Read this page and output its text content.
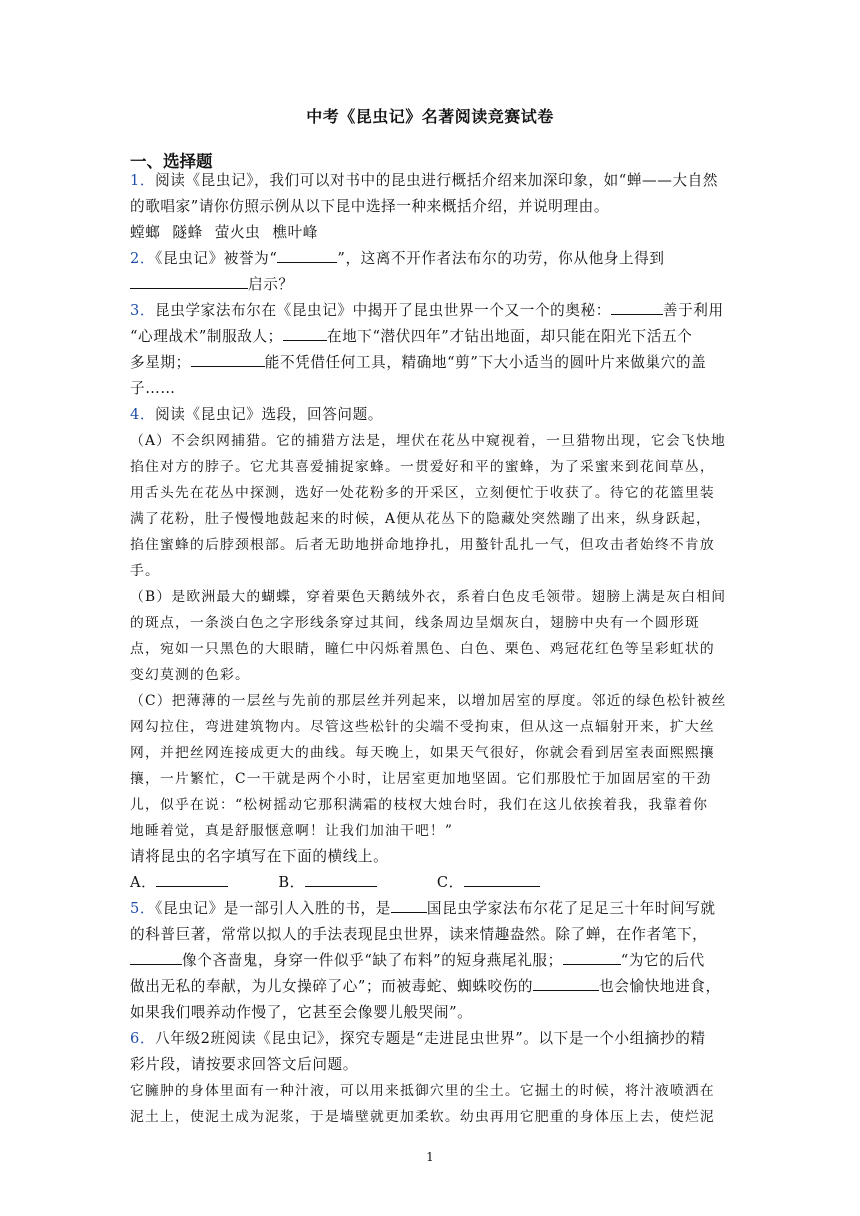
中考《昆虫记》名著阅读竞赛试卷
一、选择题
1．阅读《昆虫记》，我们可以对书中的昆虫进行概括介绍来加深印象，如“蝉——大自然
的歌唱家”请你仿照示例从以下昆中选择一种来概括介绍，并说明理由。
螳螂 隧蜂 萤火虫 樵叶峰
2．《昆虫记》被誉为“	”，这离不开作者法布尔的功劳，你从他身上得到
启示？
3．昆虫学家法布尔在《昆虫记》中揭开了昆虫世界一个又一个的奥秘：	善于利用
“心理战术”制服敌人；	在地下“潜伏四年”才钻出地面，却只能在阳光下活五个
多星期；	能不凭借任何工具，精确地“剪”下大小适当的圆叶片来做巢穴的盖
子……
4．阅读《昆虫记》选段，回答问题。
（A）不会织网捕猎。它的捕猎方法是，埋伏在花丛中窥视着，一旦猎物出现，它会飞快地
掐住对方的脖子。它尤其喜爱捕捉家蜂。一贯爱好和平的蜜蜂，为了采蜜来到花间草丛，
用舌头先在花丛中探测，选好一处花粉多的开采区，立刻便忙于收获了。待它的花篮里装
满了花粉，肚子慢慢地鼓起来的时候，A便从花丛下的隐藏处突然蹦了出来，纵身跃起，
掐住蜜蜂的后脖颈根部。后者无助地拼命地挣扎，用螯针乱扎一气，但攻击者始终不肯放
手。
（B）是欧洲最大的蝴蝶，穿着栗色天鹅绒外衣，系着白色皮毛领带。翅膀上满是灰白相间
的斑点，一条淡白色之字形线条穿过其间，线条周边呈烟灰白，翅膀中央有一个圆形斑
点，宛如一只黑色的大眼睛，瞳仁中闪烁着黑色、白色、栗色、鸡冠花红色等呈彩虹状的
变幻莫测的色彩。
（C）把薄薄的一层丝与先前的那层丝并列起来，以增加居室的厚度。邻近的绿色松针被丝
网勾拉住，弯进建筑物内。尽管这些松针的尖端不受拘束，但从这一点辐射开来，扩大丝
网，并把丝网连接成更大的曲线。每天晚上，如果天气很好，你就会看到居室表面熙熙攘
攘，一片繁忙，C一干就是两个小时，让居室更加地坚固。它们那股忙于加固居室的干劲
儿，似乎在说：“松树摇动它那积满霜的枝杈大烛台时，我们在这儿依挨着我，我靠着你
地睡着觉，真是舒服惬意啊！让我们加油干吧！”
请将昆虫的名字填写在下面的横线上。
A．	B．	C．
5．《昆虫记》是一部引人入胜的书，是 国昆虫学家法布尔花了足足三十年时间写就
的科普巨著，常常以拟人的手法表现昆虫世界，读来情趣盎然。除了蝉，在作者笔下，
像个吝啬鬼，身穿一件似乎“缺了布料”的短身燕尾礼服；	“为它的后代
做出无私的奉献，为儿女操碎了心”；而被毒蛇、蜘蛛咬伤的	也会愉快地进食，
如果我们喂养动作慢了，它甚至会像婴儿般哭闹”。
6．八年级2班阅读《昆虫记》，探究专题是“走进昆虫世界”。以下是一个小组摘抄的精
彩片段，请按要求回答文后问题。
它臃肿的身体里面有一种汁液，可以用来抵御穴里的尘土。它掘土的时候，将汁液喷洒在
泥土上，使泥土成为泥浆，于是墙壁就更加柔软。幼虫再用它肥重的身体压上去，使烂泥
1
